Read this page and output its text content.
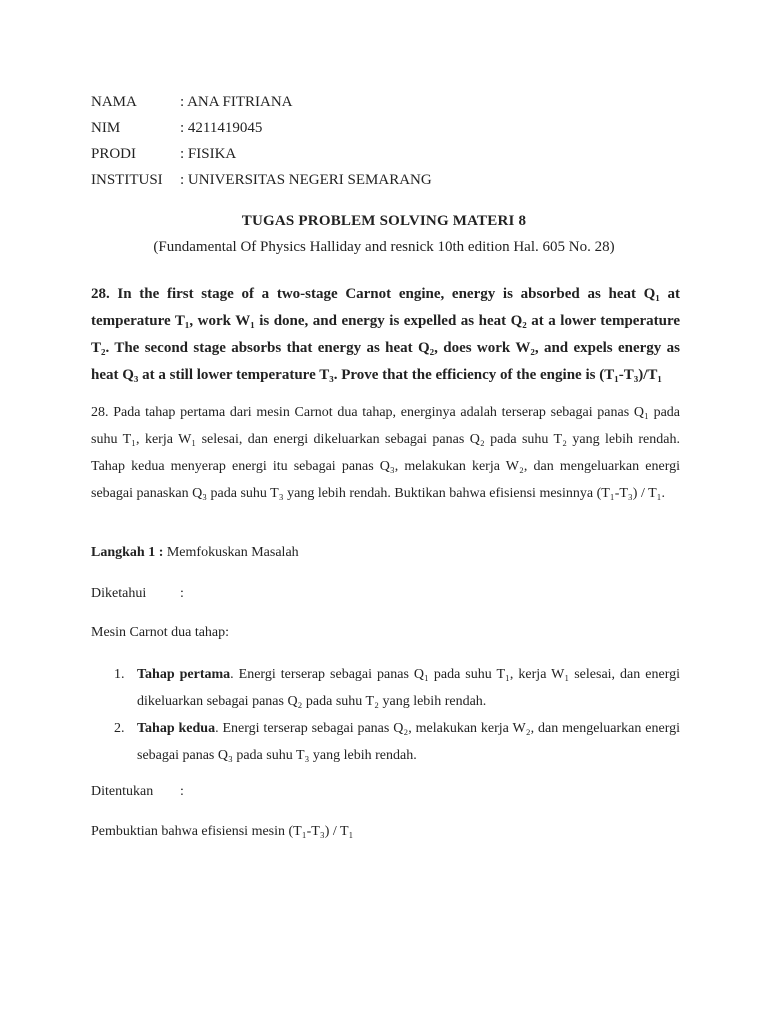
NAMA	: ANA FITRIANA
NIM	: 4211419045
PRODI	: FISIKA
INSTITUSI : UNIVERSITAS NEGERI SEMARANG
TUGAS PROBLEM SOLVING MATERI 8
(Fundamental Of Physics Halliday and resnick 10th edition Hal. 605 No. 28)
28. In the first stage of a two-stage Carnot engine, energy is absorbed as heat Q₁ at temperature T₁, work W₁ is done, and energy is expelled as heat Q₂ at a lower temperature T₂. The second stage absorbs that energy as heat Q₂, does work W₂, and expels energy as heat Q₃ at a still lower temperature T₃. Prove that the efficiency of the engine is (T₁-T₃)/T₁
28. Pada tahap pertama dari mesin Carnot dua tahap, energinya adalah terserap sebagai panas Q₁ pada suhu T₁, kerja W₁ selesai, dan energi dikeluarkan sebagai panas Q₂ pada suhu T₂ yang lebih rendah. Tahap kedua menyerap energi itu sebagai panas Q₃, melakukan kerja W₂, dan mengeluarkan energi sebagai panaskan Q₃ pada suhu T₃ yang lebih rendah. Buktikan bahwa efisiensi mesinnya (T₁-T₃) / T₁.
Langkah 1 : Memfokuskan Masalah
Diketahui :
Mesin Carnot dua tahap:
1. Tahap pertama. Energi terserap sebagai panas Q₁ pada suhu T₁, kerja W₁ selesai, dan energi dikeluarkan sebagai panas Q₂ pada suhu T₂ yang lebih rendah.
2. Tahap kedua. Energi terserap sebagai panas Q₂, melakukan kerja W₂, dan mengeluarkan energi sebagai panas Q₃ pada suhu T₃ yang lebih rendah.
Ditentukan :
Pembuktian bahwa efisiensi mesin (T₁-T₃) / T₁
